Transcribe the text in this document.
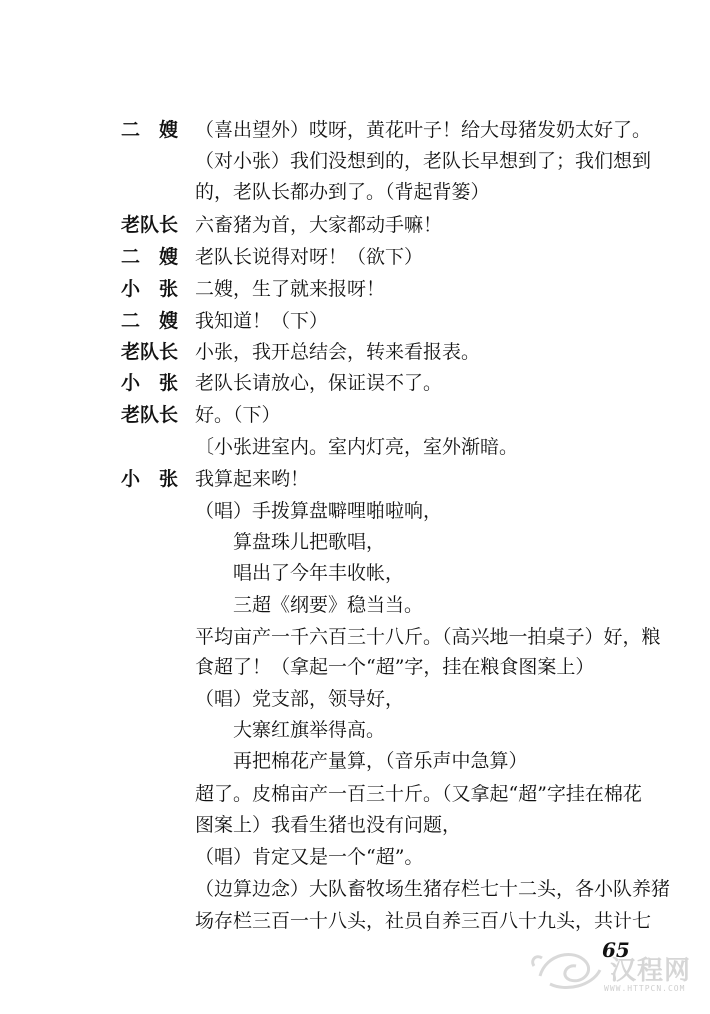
二　嫂 （喜出望外）哎呀，黄花叶子！给大母猪发奶太好了。
（对小张）我们没想到的，老队长早想到了；我们想到
的，老队长都办到了。（背起背篓）
老队长 六畜猪为首，大家都动手嘛！
二　嫂 老队长说得对呀！（欲下）
小　张 二嫂，生了就来报呀！
二　嫂 我知道！（下）
老队长 小张，我开总结会，转来看报表。
小　张 老队长请放心，保证误不了。
老队长 好。（下）
〔小张进室内。室内灯亮，室外渐暗。
小　张 我算起来哟！
（唱）手拨算盘噼哩啪啦响，
算盘珠儿把歌唱，
唱出了今年丰收帐，
三超《纲要》稳当当。
平均亩产一千六百三十八斤。（高兴地一拍桌子）好，粮
食超了！（拿起一个“超”字，挂在粮食图案上）
（唱）党支部，领导好，
大寨红旗举得高。
再把棉花产量算，（音乐声中急算）
超了。皮棉亩产一百三十斤。（又拿起“超”字挂在棉花
图案上）我看生猪也没有问题，
（唱）肯定又是一个“超”。
（边算边念）大队畜牧场生猪存栏七十二头，各小队养猪
场存栏三百一十八头，社员自养三百八十九头，共计七
65
汉程网
WWW.HTTPCN.COM
